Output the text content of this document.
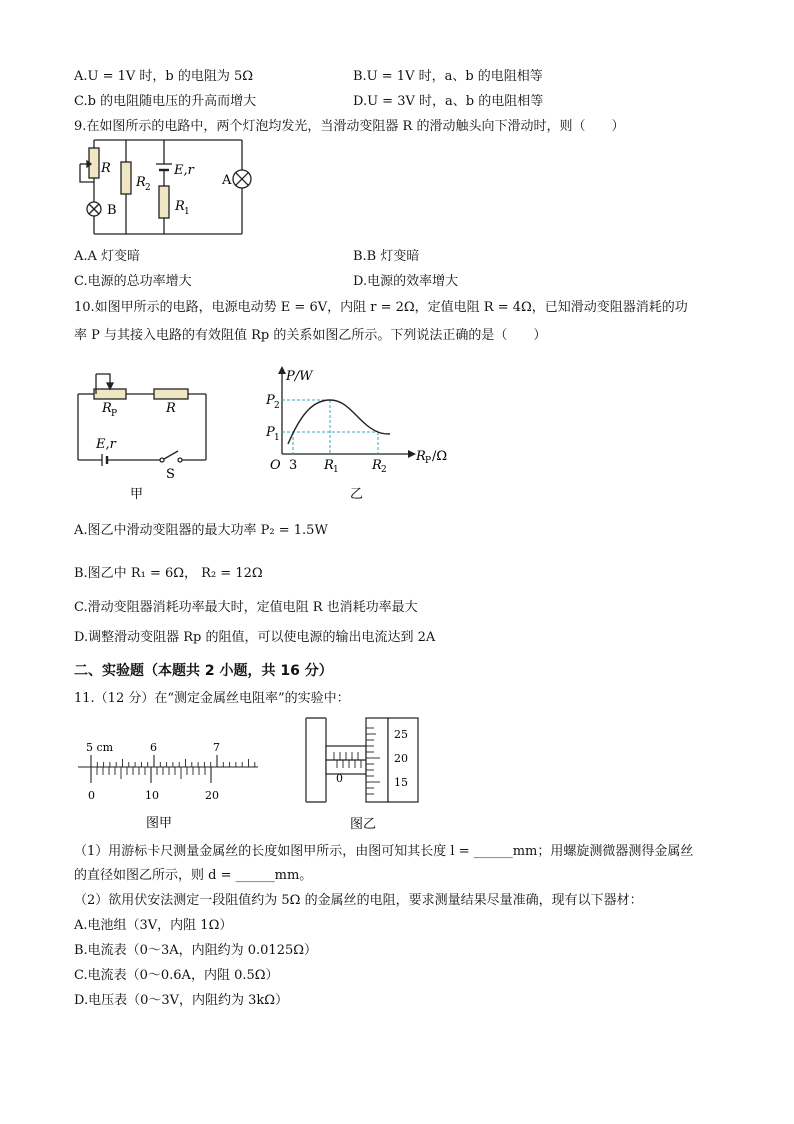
A.U = 1V 时，b 的电阻为 5Ω	B.U = 1V 时，a、b 的电阻相等
C.b 的电阻随电压的升高而增大	D.U = 3V 时，a、b 的电阻相等
9.在如图所示的电路中，两个灯泡均发光，当滑动变阻器 R 的滑动触头向下滑动时，则（　　）
R
R 2
E,r
R 1
A
B
A.A 灯变暗	B.B 灯变暗
C.电源的总功率增大	D.电源的效率增大
10.如图甲所示的电路，电源电动势 E = 6V，内阻 r = 2Ω，定值电阻 R = 4Ω，已知滑动变阻器消耗的功
率 P 与其接入电路的有效阻值 Rp 的关系如图乙所示。下列说法正确的是（　　）
R P	R
E,r
S
甲
P/W
P 2
P 1
O 3 R 1	R 2
R P /Ω
乙
A.图乙中滑动变阻器的最大功率 P₂ = 1.5W
B.图乙中 R₁ = 6Ω， R₂ = 12Ω
C.滑动变阻器消耗功率最大时，定值电阻 R 也消耗功率最大
D.调整滑动变阻器 Rp 的阻值，可以使电源的输出电流达到 2A
二、实验题（本题共 2 小题，共 16 分）
11.（12 分）在“测定金属丝电阻率”的实验中：
5 cm	6	7
0	10	20
图甲
25
20
15
0
图乙
（1）用游标卡尺测量金属丝的长度如图甲所示，由图可知其长度 l = ______mm；用螺旋测微器测得金属丝
的直径如图乙所示，则 d = ______mm。
（2）欲用伏安法测定一段阻值约为 5Ω 的金属丝的电阻，要求测量结果尽量准确，现有以下器材：
A.电池组（3V，内阻 1Ω）
B.电流表（0～3A，内阻约为 0.0125Ω）
C.电流表（0～0.6A，内阻 0.5Ω）
D.电压表（0～3V，内阻约为 3kΩ）
